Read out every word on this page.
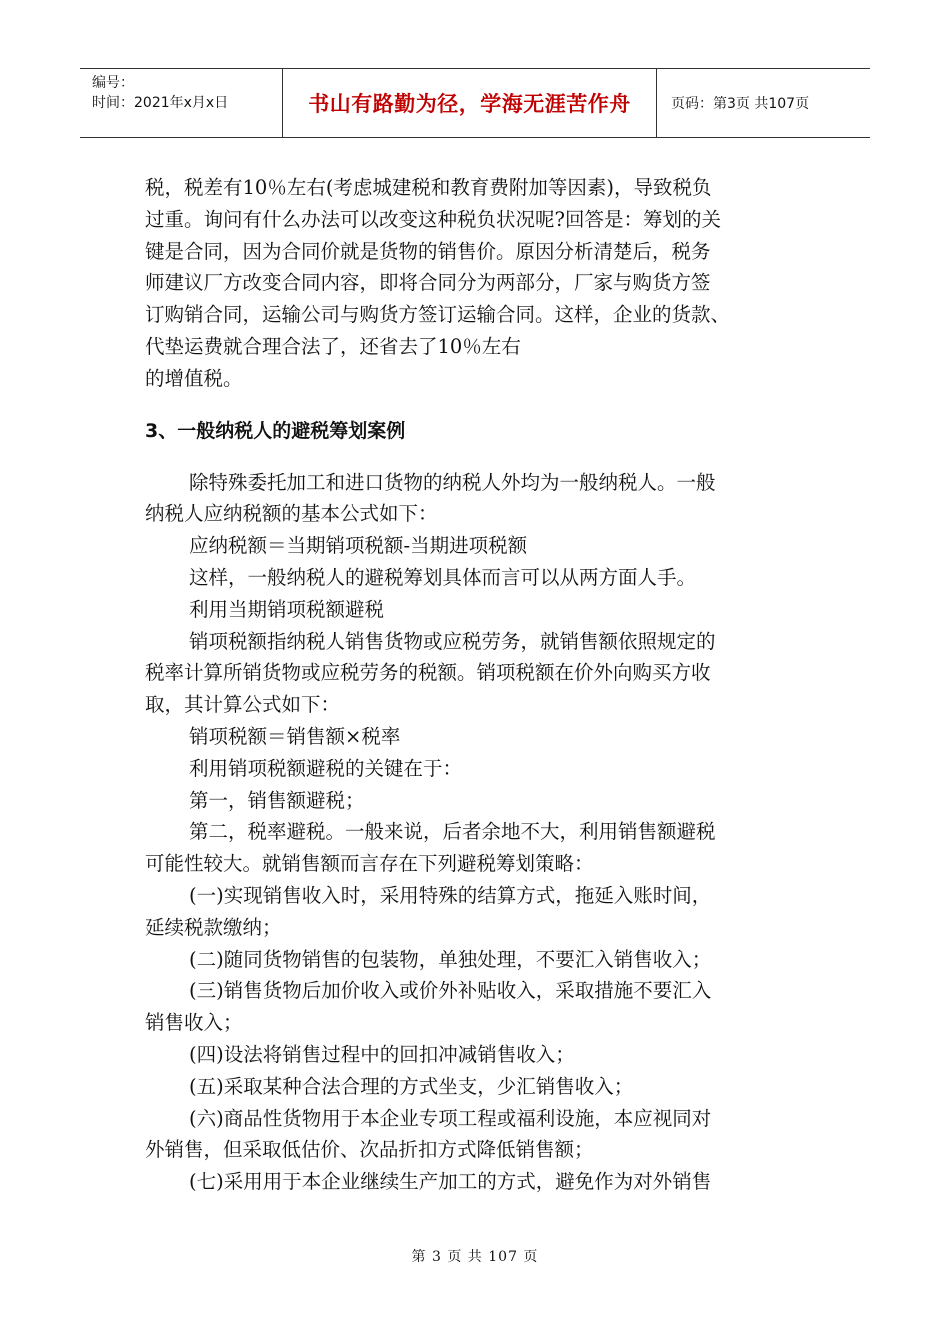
编号：
时间：2021年x月x日	书山有路勤为径，学海无涯苦作舟	页码：第3页 共107页
税，税差有10％左右(考虑城建税和教育费附加等因素)，导致税负
过重。询问有什么办法可以改变这种税负状况呢?回答是：筹划的关
键是合同，因为合同价就是货物的销售价。原因分析清楚后，税务
师建议厂方改变合同内容，即将合同分为两部分，厂家与购货方签
订购销合同，运输公司与购货方签订运输合同。这样，企业的货款、
代垫运费就合理合法了，还省去了10％左右
的增值税。
3、一般纳税人的避税筹划案例
除特殊委托加工和进口货物的纳税人外均为一般纳税人。一般
纳税人应纳税额的基本公式如下：
应纳税额＝当期销项税额-当期进项税额
这样，一般纳税人的避税筹划具体而言可以从两方面人手。
利用当期销项税额避税
销项税额指纳税人销售货物或应税劳务，就销售额依照规定的
税率计算所销货物或应税劳务的税额。销项税额在价外向购买方收
取，其计算公式如下：
销项税额＝销售额×税率
利用销项税额避税的关键在于：
第一，销售额避税；
第二，税率避税。一般来说，后者余地不大，利用销售额避税
可能性较大。就销售额而言存在下列避税筹划策略：
(一)实现销售收入时，采用特殊的结算方式，拖延入账时间，
延续税款缴纳；
(二)随同货物销售的包装物，单独处理，不要汇入销售收入；
(三)销售货物后加价收入或价外补贴收入，采取措施不要汇入
销售收入；
(四)设法将销售过程中的回扣冲减销售收入；
(五)采取某种合法合理的方式坐支，少汇销售收入；
(六)商品性货物用于本企业专项工程或福利设施，本应视同对
外销售，但采取低估价、次品折扣方式降低销售额；
(七)采用用于本企业继续生产加工的方式，避免作为对外销售
第 3 页 共 107 页
